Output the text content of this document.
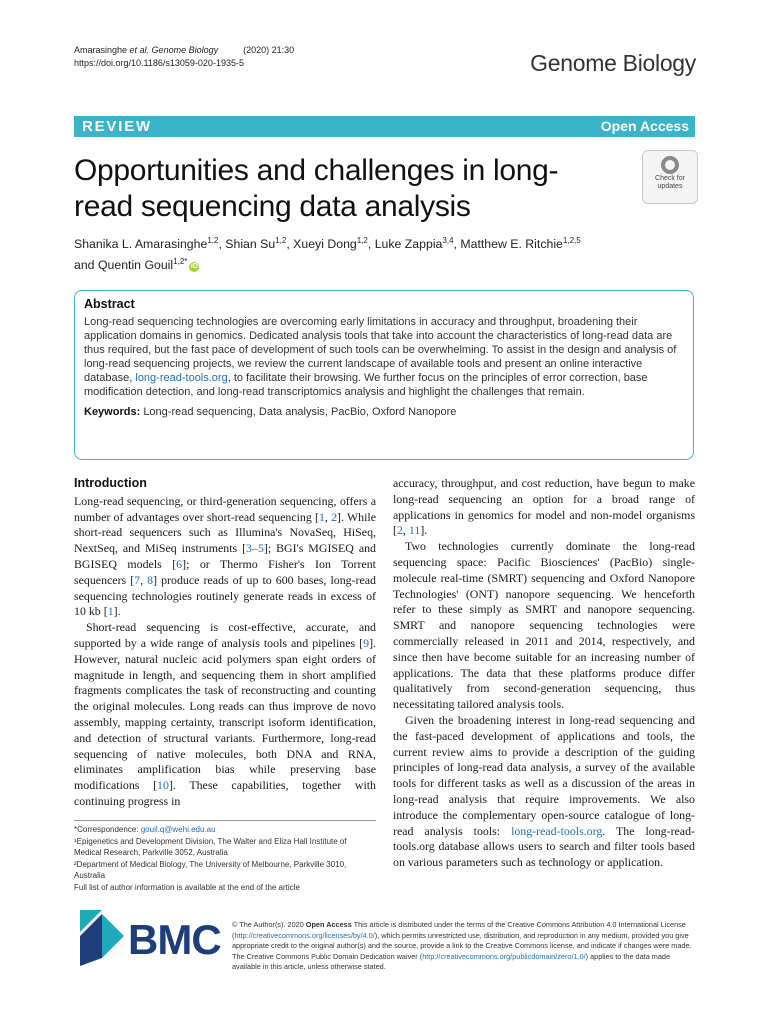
Amarasinghe et al. Genome Biology	(2020) 21:30
https://doi.org/10.1186/s13059-020-1935-5	Genome Biology
REVIEW	Open Access
Opportunities and challenges in long-read sequencing data analysis
Check for
updates
Shanika L. Amarasinghe$^{1,2}$, Shian Su$^{1,2}$, Xueyi Dong$^{1,2}$, Luke Zappia$^{3,4}$, Matthew E. Ritchie$^{1,2,5}$
and Quentin Gouil$^{1,2*}$iD
Abstract
Long-read sequencing technologies are overcoming early limitations in accuracy and throughput, broadening their application domains in genomics. Dedicated analysis tools that take into account the characteristics of long-read data are thus required, but the fast pace of development of such tools can be overwhelming. To assist in the design and analysis of long-read sequencing projects, we review the current landscape of available tools and present an online interactive database, long-read-tools.org, to facilitate their browsing. We further focus on the principles of error correction, base modification detection, and long-read transcriptomics analysis and highlight the challenges that remain.
Keywords: Long-read sequencing, Data analysis, PacBio, Oxford Nanopore
Introduction

Long-read sequencing, or third-generation sequencing, offers a number of advantages over short-read sequencing [1, 2]. While short-read sequencers such as Illumina's NovaSeq, HiSeq, NextSeq, and MiSeq instruments [3–5]; BGI's MGISEQ and BGISEQ models [6]; or Thermo Fisher's Ion Torrent sequencers [7, 8] produce reads of up to 600 bases, long-read sequencing technologies routinely generate reads in excess of 10 kb [1].

Short-read sequencing is cost-effective, accurate, and supported by a wide range of analysis tools and pipelines [9]. However, natural nucleic acid polymers span eight orders of magnitude in length, and sequencing them in short amplified fragments complicates the task of reconstructing and counting the original molecules. Long reads can thus improve de novo assembly, mapping certainty, transcript isoform identification, and detection of structural variants. Furthermore, long-read sequencing of native molecules, both DNA and RNA, eliminates amplification bias while preserving base modifications [10]. These capabilities, together with continuing progress in

accuracy, throughput, and cost reduction, have begun to make long-read sequencing an option for a broad range of applications in genomics for model and non-model organisms [2, 11].

Two technologies currently dominate the long-read sequencing space: Pacific Biosciences' (PacBio) single-molecule real-time (SMRT) sequencing and Oxford Nanopore Technologies' (ONT) nanopore sequencing. We henceforth refer to these simply as SMRT and nanopore sequencing. SMRT and nanopore sequencing technologies were commercially released in 2011 and 2014, respectively, and since then have become suitable for an increasing number of applications. The data that these platforms produce differ qualitatively from second-generation sequencing, thus necessitating tailored analysis tools.

Given the broadening interest in long-read sequencing and the fast-paced development of applications and tools, the current review aims to provide a description of the guiding principles of long-read data analysis, a survey of the available tools for different tasks as well as a discussion of the areas in long-read analysis that require improvements. We also introduce the complementary open-source catalogue of long-read analysis tools: long-read-tools.org. The long-read-tools.org database allows users to search and filter tools based on various parameters such as technology or application.

*Correspondence: gouil.q@wehi.edu.au
¹Epigenetics and Development Division, The Walter and Eliza Hall Institute of Medical Research, Parkville 3052, Australia
²Department of Medical Biology, The University of Melbourne, Parkville 3010, Australia
Full list of author information is available at the end of the article
BMC © The Author(s). 2020 Open Access This article is distributed under the terms of the Creative Commons Attribution 4.0 International License (http://creativecommons.org/licenses/by/4.0/), which permits unrestricted use, distribution, and reproduction in any medium, provided you give appropriate credit to the original author(s) and the source, provide a link to the Creative Commons license, and indicate if changes were made. The Creative Commons Public Domain Dedication waiver (http://creativecommons.org/publicdomain/zero/1.0/) applies to the data made available in this article, unless otherwise stated.
